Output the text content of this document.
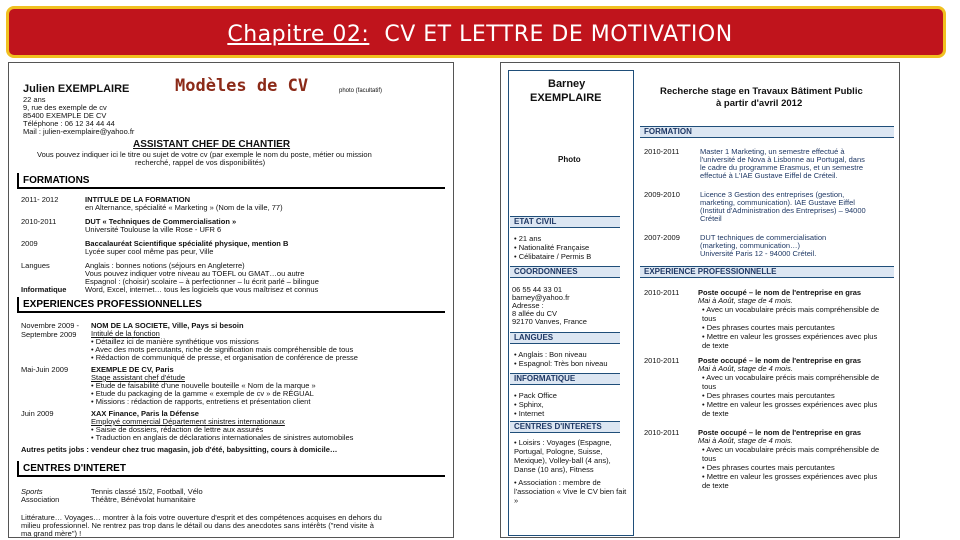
Chapitre 02: CV ET LETTRE DE MOTIVATION
Julien EXEMPLAIRE	photo (facultatif)
22 ans
9, rue des exemple de cv
85400 EXEMPLE DE CV
Téléphone : 06 12 34 44 44
Mail : julien-exemplaire@yahoo.fr
ASSISTANT CHEF DE CHANTIER
Vous pouvez indiquer ici le titre ou sujet de votre cv (par exemple le nom du poste, métier ou mission
recherché, rappel de vos disponibilités)
FORMATIONS
2011- 2012	INTITULE DE LA FORMATION
en Alternance, spécialité « Marketing » (Nom de la ville, 77)
2010-2011	DUT « Techniques de Commercialisation »
Université Toulouse la ville Rose - UFR 6
2009	Baccalauréat Scientifique spécialité physique, mention B
Lycée super cool même pas peur, Ville
Langues	Anglais : bonnes notions (séjours en Angleterre)
Vous pouvez indiquer votre niveau au TOEFL ou GMAT…ou autre
Espagnol : (choisir) scolaire – à perfectionner – lu écrit parlé – bilingue
Informatique Word, Excel, internet… tous les logiciels que vous maîtrisez et connus
EXPERIENCES PROFESSIONNELLES
Novembre 2009 - Septembre 2009
NOM DE LA SOCIETE, Ville, Pays si besoin
Intitulé de la fonction
• Détaillez ici de manière synthétique vos missions
• Avec des mots percutants, riche de signification mais compréhensible de tous
• Rédaction de communiqué de presse, et organisation de conférence de presse
Mai-Juin 2009	EXEMPLE DE CV, Paris
Stage assistant chef d'étude
• Etude de faisabilité d'une nouvelle bouteille « Nom de la marque »
• Etude du packaging de la gamme « exemple de cv » de RÉGUAL
• Missions : rédaction de rapports, entretiens et présentation client
Juin 2009	XAX Finance, Paris la Défense
Employé commercial Département sinistres internationaux
• Saisie de dossiers, rédaction de lettre aux assurés
• Traduction en anglais de déclarations internationales de sinistres automobiles
Autres petits jobs : vendeur chez truc magasin, job d'été, babysitting, cours à domicile…
CENTRES D'INTERET
Sports	Tennis classé 15/2, Football, Vélo
Association	Théâtre, Bénévolat humanitaire
Littérature… Voyages… montrer à la fois votre ouverture d'esprit et des compétences acquises en dehors du
milieu professionnel. Ne rentrez pas trop dans le détail ou dans des anecdotes sans intérêts ("rend visite à
ma grand mère") !
Modèles de CV	Barney
EXEMPLAIRE
Recherche stage en Travaux Bâtiment Public
à partir d'avril 2012
Photo
ETAT CIVIL
• 21 ans
• Nationalité Française
• Célibataire / Permis B
COORDONNEES
06 55 44 33 01
barney@yahoo.fr
Adresse :
8 allée du CV
92170 Vanves, France
LANGUES
• Anglais : Bon niveau
• Espagnol: Très bon niveau
INFORMATIQUE
• Pack Office
• Sphinx,
• Internet
CENTRES D'INTERETS
• Loisirs : Voyages (Espagne, Portugal, Pologne, Suisse, Mexique), Volley-ball (4 ans), Danse (10 ans), Fitness
• Association : membre de l'association « Vive le CV bien fait »
FORMATION
2010-2011	Master 1 Marketing, un semestre effectué à
l'université de Nova à Lisbonne au Portugal, dans
le cadre du programme Erasmus, et un semestre
effectué à L'IAE Gustave Eiffel de Créteil.
2009-2010	Licence 3 Gestion des entreprises (gestion,
marketing, communication). IAE Gustave Eiffel
(Institut d'Administration des Entreprises) – 94000
Créteil
2007-2009	DUT techniques de commercialisation
(marketing, communication…)
Université Paris 12 - 94000 Créteil.
EXPERIENCE PROFESSIONNELLE
2010-2011 Poste occupé – le nom de l'entreprise en gras
Mai à Août, stage de 4 mois.
• Avec un vocabulaire précis mais compréhensible de tous
• Des phrases courtes mais percutantes
• Mettre en valeur les grosses expériences avec plus de texte
2010-2011 Poste occupé – le nom de l'entreprise en gras
Mai à Août, stage de 4 mois.
• Avec un vocabulaire précis mais compréhensible de tous
• Des phrases courtes mais percutantes
• Mettre en valeur les grosses expériences avec plus de texte
2010-2011 Poste occupé – le nom de l'entreprise en gras
Mai à Août, stage de 4 mois.
• Avec un vocabulaire précis mais compréhensible de tous
• Des phrases courtes mais percutantes
• Mettre en valeur les grosses expériences avec plus de texte
